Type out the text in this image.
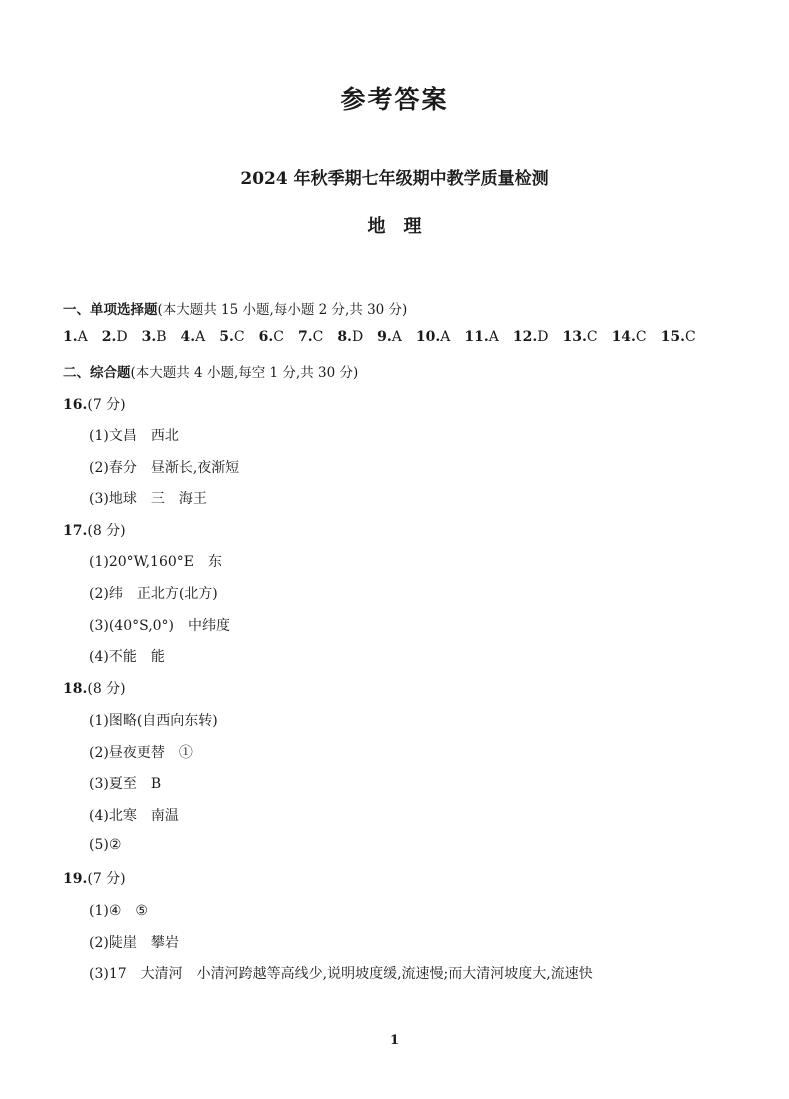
参考答案
2024 年秋季期七年级期中教学质量检测
地理
一、单项选择题(本大题共 15 小题,每小题 2 分,共 30 分)
1.A 2.D 3.B 4.A 5.C 6.C 7.C 8.D 9.A 10.A 11.A 12.D 13.C 14.C 15.C
二、综合题(本大题共 4 小题,每空 1 分,共 30 分)
16.(7 分)
(1)文昌　西北
(2)春分　昼渐长,夜渐短
(3)地球　三　海王
17.(8 分)
(1)20°W,160°E　东
(2)纬　正北方(北方)
(3)(40°S,0°)　中纬度
(4)不能　能
18.(8 分)
(1)图略(自西向东转)
(2)昼夜更替　①
(3)夏至　B
(4)北寒　南温
(5)②
19.(7 分)
(1)④　⑤
(2)陡崖　攀岩
(3)17　大清河　小清河跨越等高线少,说明坡度缓,流速慢;而大清河坡度大,流速快
1
